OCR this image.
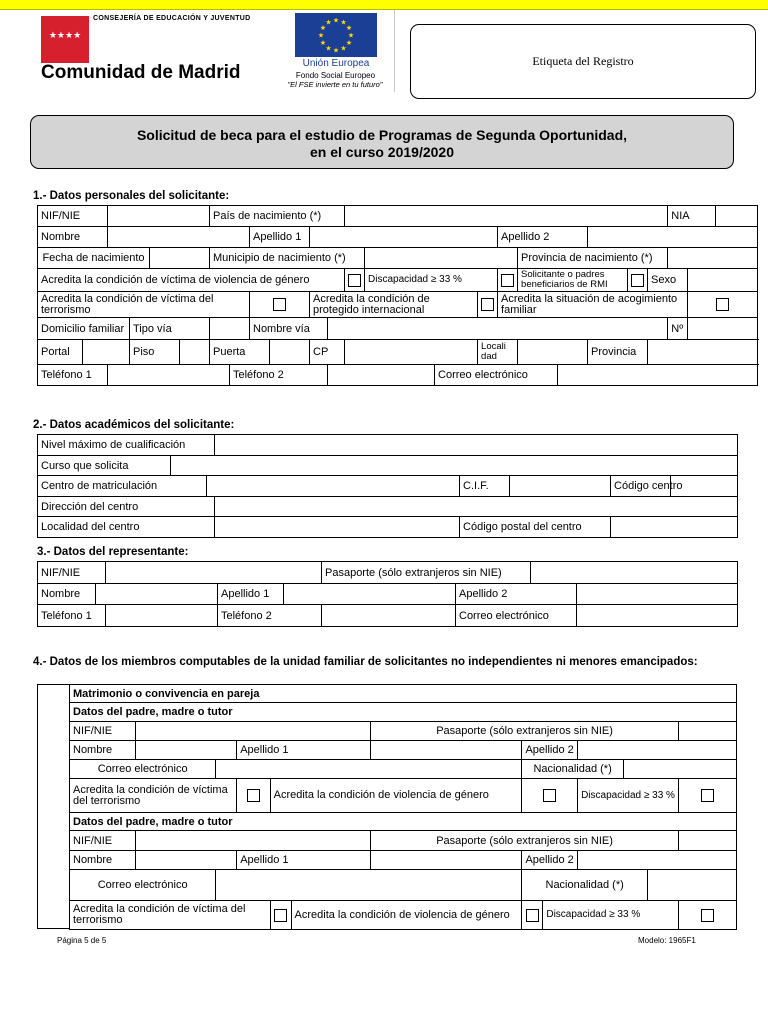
★★★★
CONSEJERÍA DE EDUCACIÓN Y JUVENTUD
Comunidad de Madrid
★ ★
★
★
★
★
★
★
★
★
★
★
Unión Europea
Fondo Social Europeo
"El FSE invierte en tu futuro"
Etiqueta del Registro
Solicitud de beca para el estudio de Programas de Segunda Oportunidad,
en el curso 2019/2020
1.- Datos personales del solicitante:
NIF/NIE						País de nacimiento (*)																NIA		
Nombre								Apellido 1								Apellido 2								
Fecha de nacimiento						Municipio de nacimiento (*)											Provincia de nacimiento (*)							
Acredita la condición de víctima de violencia de género													Discapacidad ≥ 33 %				Solicitante o padres beneficiarios de RMI				Sexo			
Acredita la condición de víctima del terrorismo										Acredita la condición de protegido internacional						Acredita la situación de acogimiento familiar								
Domicilio familiar			Tipo vía					Nombre vía														Nº		
Portal			Piso			Puerta				CP					Locali dad				Provincia					
Teléfono 1							Teléfono 2							Correo electrónico										
2.- Datos académicos del solicitante:
Nivel máximo de cualificación							
Curso que solicita							
Centro de matriculación				C.I.F.		Código centro	
Dirección del centro							
Localidad del centro				Código postal del centro			
3.- Datos del representante:
NIF/NIE					Pasaporte (sólo extranjeros sin NIE)			
Nombre			Apellido 1			Apellido 2		
Teléfono 1			Teléfono 2			Correo electrónico		
4.- Datos de los miembros computables de la unidad familiar de solicitantes no independientes ni menores emancipados:
Matrimonio o convivencia en pareja												
Datos del padre, madre o tutor												
NIF/NIE						Pasaporte (sólo extranjeros sin NIE)						
Nombre			Apellido 1				Apellido 2					
Correo electrónico							Nacionalidad (*)					
Acredita la condición de víctima del terrorismo				Acredita la condición de violencia de género					Discapacidad ≥ 33 %			
Datos del padre, madre o tutor												
NIF/NIE						Pasaporte (sólo extranjeros sin NIE)						
Nombre			Apellido 1				Apellido 2					
Correo electrónico							Nacionalidad (*)					
Acredita la condición de víctima del terrorismo					Acredita la condición de violencia de género			Discapacidad ≥ 33 %				
Página 5 de 5	Modelo: 1965F1
